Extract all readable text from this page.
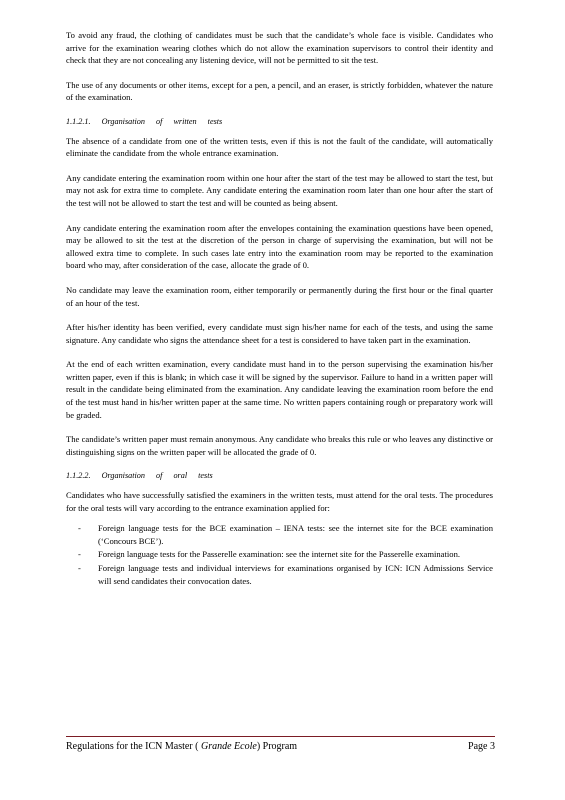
To avoid any fraud, the clothing of candidates must be such that the candidate’s whole face is visible. Candidates who arrive for the examination wearing clothes which do not allow the examination supervisors to control their identity and check that they are not concealing any listening device, will not be permitted to sit the test.

The use of any documents or other items, except for a pen, a pencil, and an eraser, is strictly forbidden, whatever the nature of the examination.

1.1.2.1. Organisation of written tests

The absence of a candidate from one of the written tests, even if this is not the fault of the candidate, will automatically eliminate the candidate from the whole entrance examination.

Any candidate entering the examination room within one hour after the start of the test may be allowed to start the test, but may not ask for extra time to complete. Any candidate entering the examination room later than one hour after the start of the test will not be allowed to start the test and will be counted as being absent.

Any candidate entering the examination room after the envelopes containing the examination questions have been opened, may be allowed to sit the test at the discretion of the person in charge of supervising the examination, but will not be allowed extra time to complete. In such cases late entry into the examination room may be reported to the examination board who may, after consideration of the case, allocate the grade of 0.

No candidate may leave the examination room, either temporarily or permanently during the first hour or the final quarter of an hour of the test.

After his/her identity has been verified, every candidate must sign his/her name for each of the tests, and using the same signature. Any candidate who signs the attendance sheet for a test is considered to have taken part in the examination.

At the end of each written examination, every candidate must hand in to the person supervising the examination his/her written paper, even if this is blank; in which case it will be signed by the supervisor. Failure to hand in a written paper will result in the candidate being eliminated from the examination. Any candidate leaving the examination room before the end of the test must hand in his/her written paper at the same time. No written papers containing rough or preparatory work will be graded.

The candidate’s written paper must remain anonymous. Any candidate who breaks this rule or who leaves any distinctive or distinguishing signs on the written paper will be allocated the grade of 0.

1.1.2.2. Organisation of oral tests

Candidates who have successfully satisfied the examiners in the written tests, must attend for the oral tests. The procedures for the oral tests will vary according to the entrance examination applied for:

- Foreign language tests for the BCE examination – IENA tests: see the internet site for the BCE examination (‘Concours BCE’).
- Foreign language tests for the Passerelle examination: see the internet site for the Passerelle examination.
- Foreign language tests and individual interviews for examinations organised by ICN: ICN Admissions Service will send candidates their convocation dates.
Regulations for the ICN Master ( Grande Ecole) Program	Page 3
